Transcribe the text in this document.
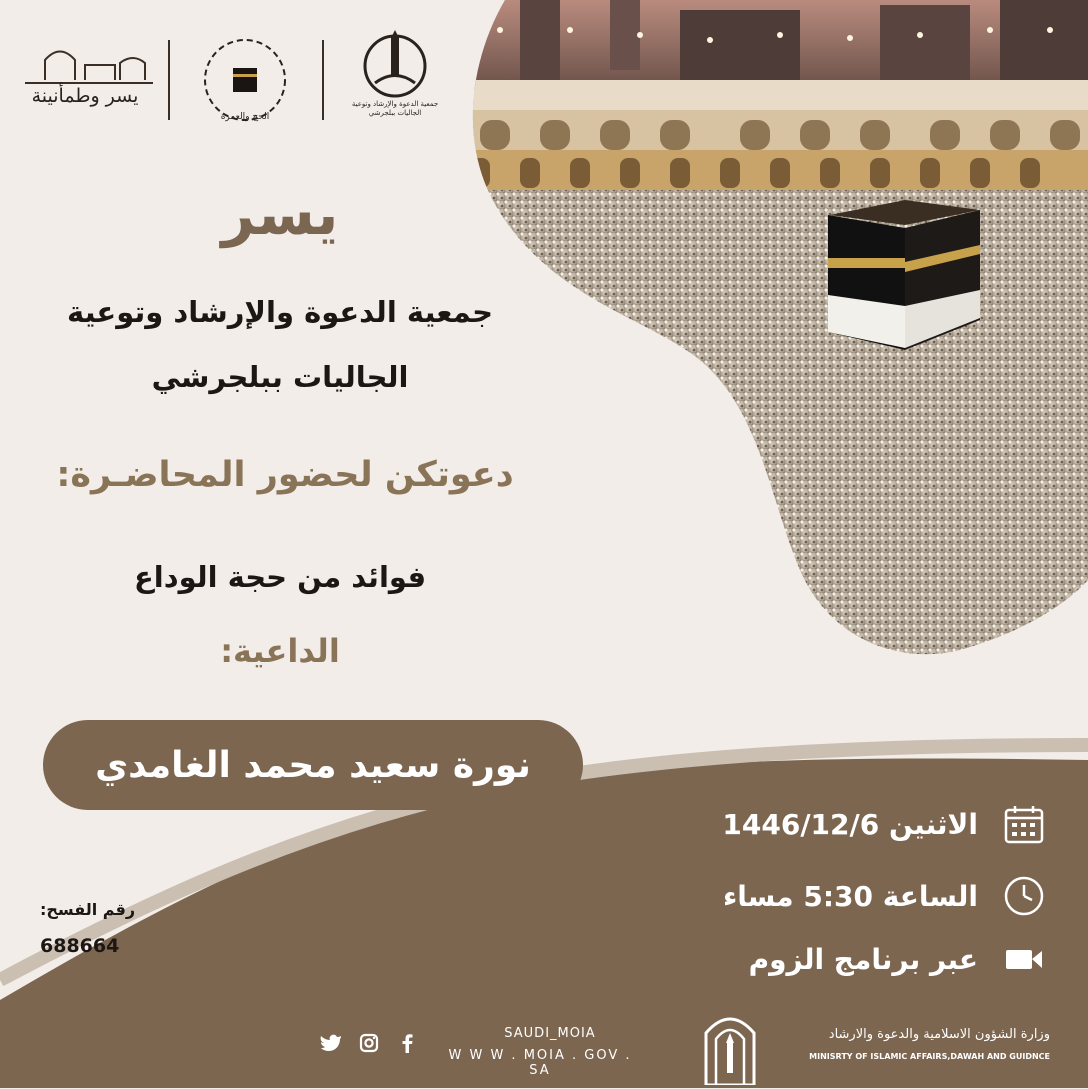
يسر وطمأنينة
الحج والعمرة
جمعية الدعوة والإرشاد وتوعية الجاليات ببلجرشي
يسر
جمعية الدعوة والإرشاد وتوعية
الجاليات ببلجرشي
دعوتكن لحضور المحاضـرة:
فوائد من حجة الوداع
الداعية:
نورة سعيد محمد الغامدي
الاثنين 1446/12/6
الساعة 5:30 مساء
عبر برنامج الزوم
رقم الفسح:
688664
SAUDI_MOIA
W W W . MOIA . GOV . SA
وزارة الشؤون الاسلامية والدعوة والارشاد
MINISRTY OF ISLAMIC AFFAIRS,DAWAH AND GUIDNCE
